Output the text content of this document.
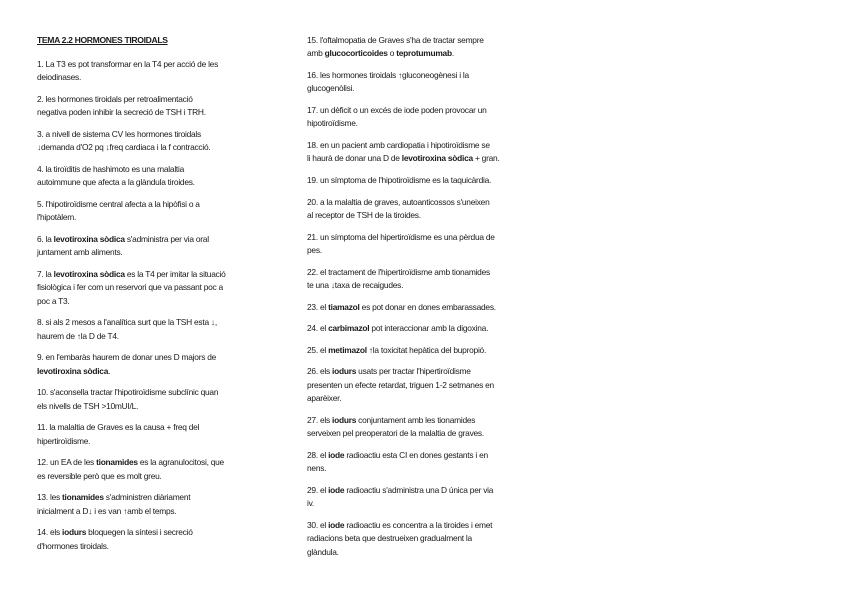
TEMA 2.2 HORMONES TIROIDALS
1. La T3 es pot transformar en la T4 per acció de les
deiodinases.
2. les hormones tiroidals per retroalimentació
negativa poden inhibir la secreció de TSH i TRH.
3. a nivell de sistema CV les hormones tiroidals
↓demanda d'O2 pq ↓freq cardiaca i la f contracció.
4. la tiroïditis de hashimoto es una malaltia
autoimmune que afecta a la glàndula tiroides.
5. l'hipotiroïdisme central afecta a la hipòfisi o a
l'hipotàlem.
6. la levotiroxina sòdica s'administra per via oral
juntament amb aliments.
7. la levotiroxina sòdica es la T4 per imitar la situació
fisiològica i fer com un reservori que va passant poc a
poc a T3.
8. si als 2 mesos a l'analítica surt que la TSH esta ↓,
haurem de ↑la D de T4.
9. en l'embaràs haurem de donar unes D majors de
levotiroxina sòdica.
10. s'aconsella tractar l'hipotiroïdisme subclínic quan
els nivells de TSH >10mUI/L.
11. la malaltia de Graves es la causa + freq del
hipertiroïdisme.
12. un EA de les tionamides es la agranulocitosi, que
es reversible però que es molt greu.
13. les tionamides s'administren diàriament
inicialment a D↓ i es van ↑amb el temps.
14. els iodurs bloquegen la síntesi i secreció
d'hormones tiroidals.
15. l'oftalmopatia de Graves s'ha de tractar sempre
amb glucocorticoides o teprotumumab.
16. les hormones tiroidals ↑gluconeogènesi i la
glucogenòlisi.
17. un dèficit o un excés de iode poden provocar un
hipotiroïdisme.
18. en un pacient amb cardiopatia i hipotiroïdisme se
li haurà de donar una D de levotiroxina sòdica + gran.
19. un símptoma de l'hipotiroïdisme es la taquicàrdia.
20. a la malaltia de graves, autoanticossos s'uneixen
al receptor de TSH de la tiroides.
21. un símptoma del hipertiroïdisme es una pèrdua de
pes.
22. el tractament de l'hipertiroïdisme amb tionamides
te una ↓taxa de recaigudes.
23. el tiamazol es pot donar en dones embarassades.
24. el carbimazol pot interaccionar amb la digoxina.
25. el metimazol ↑la toxicitat hepàtica del bupropió.
26. els iodurs usats per tractar l'hipertiroïdisme
presenten un efecte retardat, triguen 1-2 setmanes en
aparèixer.
27. els iodurs conjuntament amb les tionamides
serveixen pel preoperatori de la malaltia de graves.
28. el iode radioactiu esta CI en dones gestants i en
nens.
29. el iode radioactiu s'administra una D única per via
iv.
30. el iode radioactiu es concentra a la tiroides i emet
radiacions beta que destrueixen gradualment la
glàndula.
